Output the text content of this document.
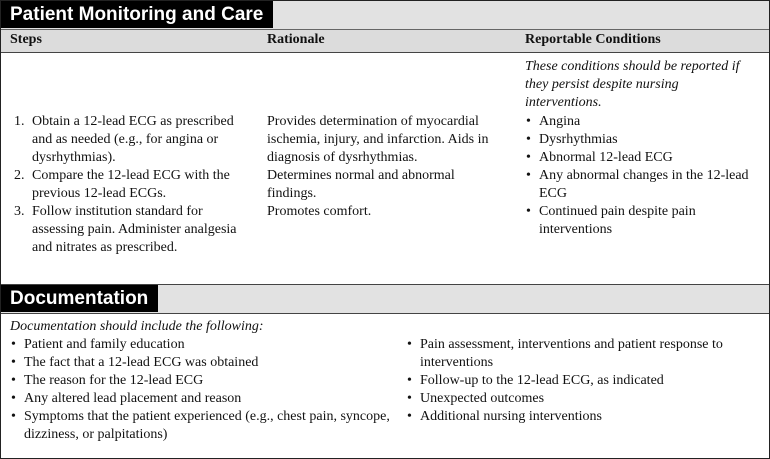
Patient Monitoring and Care
Steps	Rationale	Reportable Conditions
1. Obtain a 12-lead ECG as prescribed and as needed (e.g., for angina or dysrhythmias).
2. Compare the 12-lead ECG with the previous 12-lead ECGs.
3. Follow institution standard for assessing pain. Administer analgesia and nitrates as prescribed.

Provides determination of myocardial ischemia, injury, and infarction. Aids in diagnosis of dysrhythmias.

Determines normal and abnormal findings.

Promotes comfort.

These conditions should be reported if they persist despite nursing interventions.
• Angina
• Dysrhythmias
• Abnormal 12-lead ECG
• Any abnormal changes in the 12-lead ECG
• Continued pain despite pain interventions
Documentation
Documentation should include the following:
• Patient and family education
• The fact that a 12-lead ECG was obtained
• The reason for the 12-lead ECG
• Any altered lead placement and reason
• Symptoms that the patient experienced (e.g., chest pain, syncope, dizziness, or palpitations)
• Pain assessment, interventions and patient response to interventions
• Follow-up to the 12-lead ECG, as indicated
• Unexpected outcomes
• Additional nursing interventions
